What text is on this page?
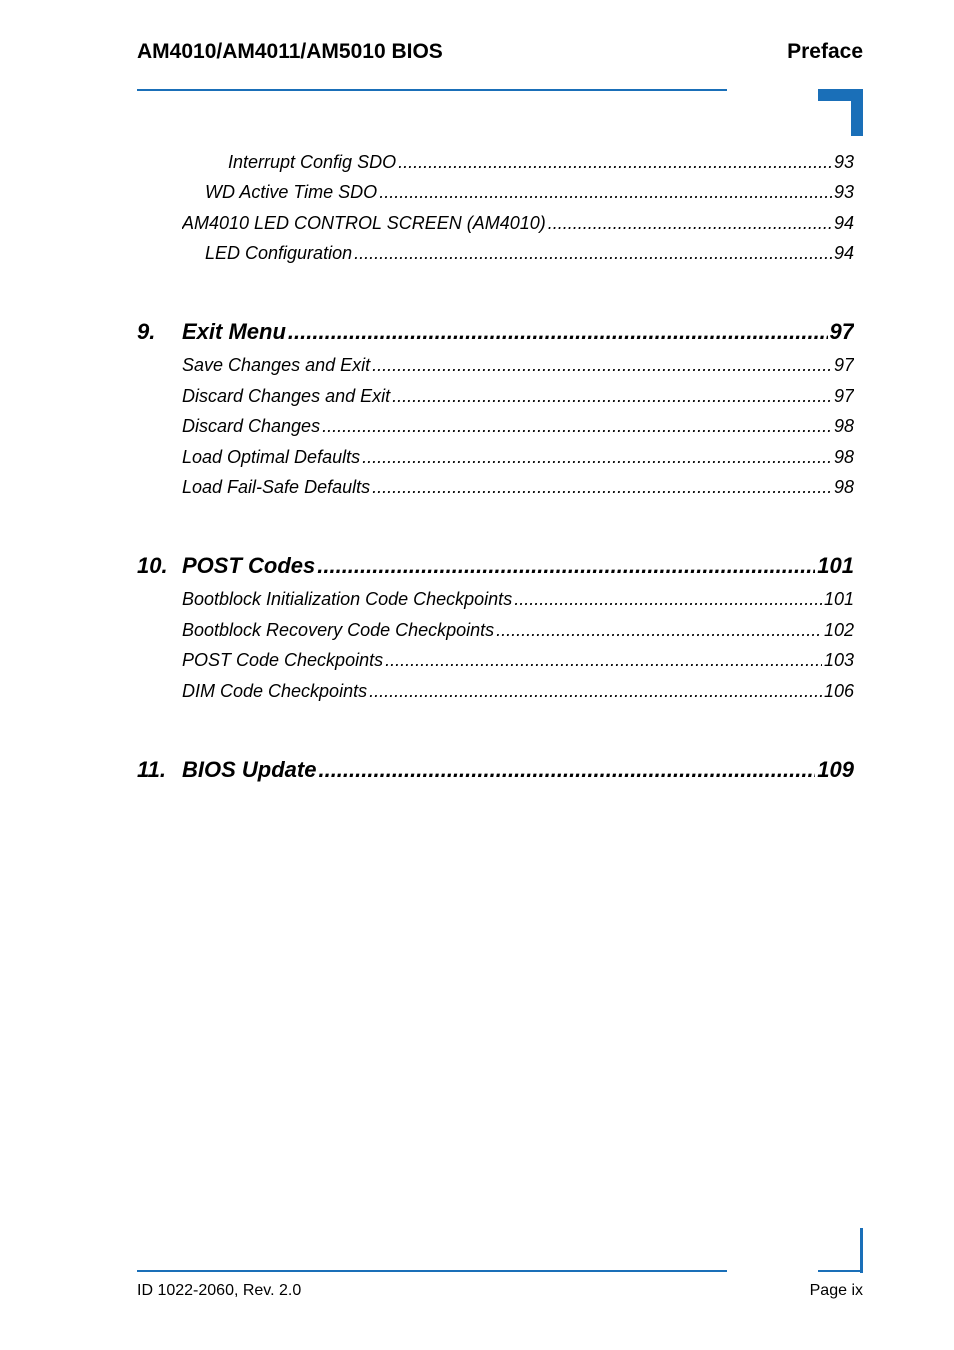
AM4010/AM4011/AM5010 BIOS	Preface
Interrupt Config SDO .....	93
WD Active Time SDO .....	93
AM4010 LED CONTROL SCREEN (AM4010) .....	94
LED Configuration .....	94
9.	Exit Menu .....	97
Save Changes and Exit .....	97
Discard Changes and Exit .....	97
Discard Changes .....	98
Load Optimal Defaults .....	98
Load Fail-Safe Defaults .....	98
10. POST Codes .....	101
Bootblock Initialization Code Checkpoints .....	101
Bootblock Recovery Code Checkpoints .....	102
POST Code Checkpoints .....	103
DIM Code Checkpoints .....	106
11. BIOS Update .....	109
ID 1022-2060, Rev. 2.0	Page ix
